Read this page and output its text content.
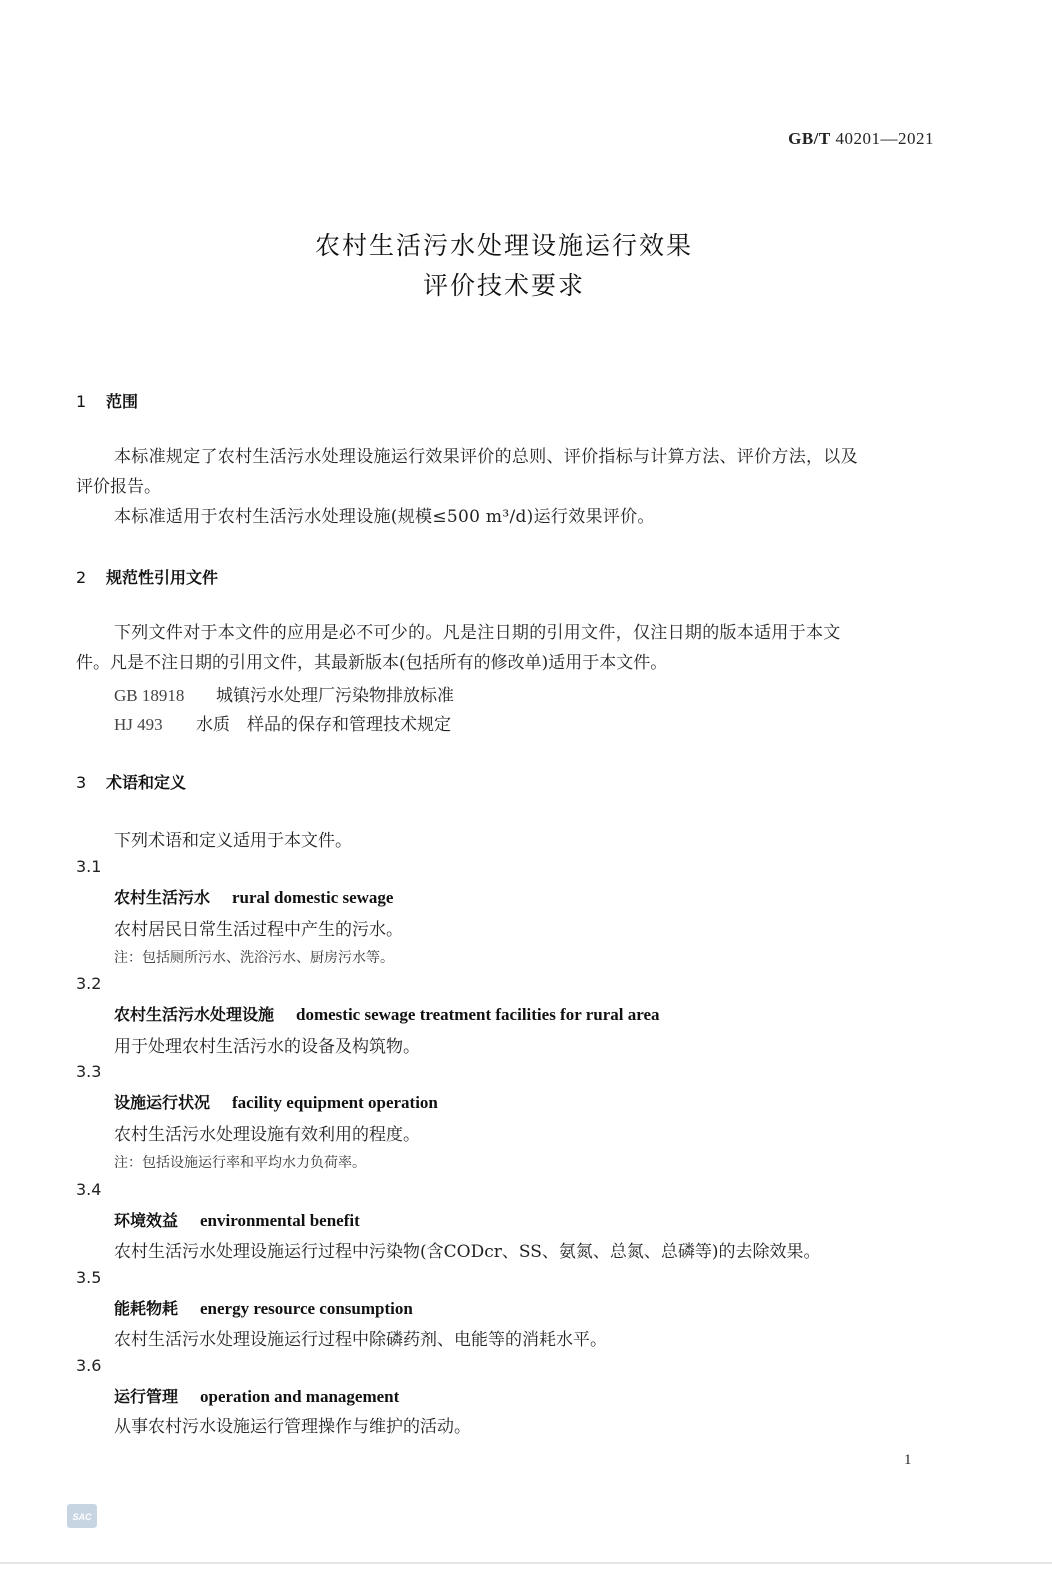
GB/T 40201—2021
农村生活污水处理设施运行效果
评价技术要求
1 范围
本标准规定了农村生活污水处理设施运行效果评价的总则、评价指标与计算方法、评价方法，以及
评价报告。
本标准适用于农村生活污水处理设施(规模≤500 m³/d)运行效果评价。
2 规范性引用文件
下列文件对于本文件的应用是必不可少的。凡是注日期的引用文件，仅注日期的版本适用于本文
件。凡是不注日期的引用文件，其最新版本(包括所有的修改单)适用于本文件。
GB 18918 城镇污水处理厂污染物排放标准
HJ 493 水质　样品的保存和管理技术规定
3 术语和定义
下列术语和定义适用于本文件。
3.1
农村生活污水 rural domestic sewage
农村居民日常生活过程中产生的污水。
注：包括厕所污水、洗浴污水、厨房污水等。
3.2
农村生活污水处理设施 domestic sewage treatment facilities for rural area
用于处理农村生活污水的设备及构筑物。
3.3
设施运行状况 facility equipment operation
农村生活污水处理设施有效利用的程度。
注：包括设施运行率和平均水力负荷率。
3.4
环境效益 environmental benefit
农村生活污水处理设施运行过程中污染物(含CODcr、SS、氨氮、总氮、总磷等)的去除效果。
3.5
能耗物耗 energy resource consumption
农村生活污水处理设施运行过程中除磷药剂、电能等的消耗水平。
3.6
运行管理 operation and management
从事农村污水设施运行管理操作与维护的活动。
1
SAC
